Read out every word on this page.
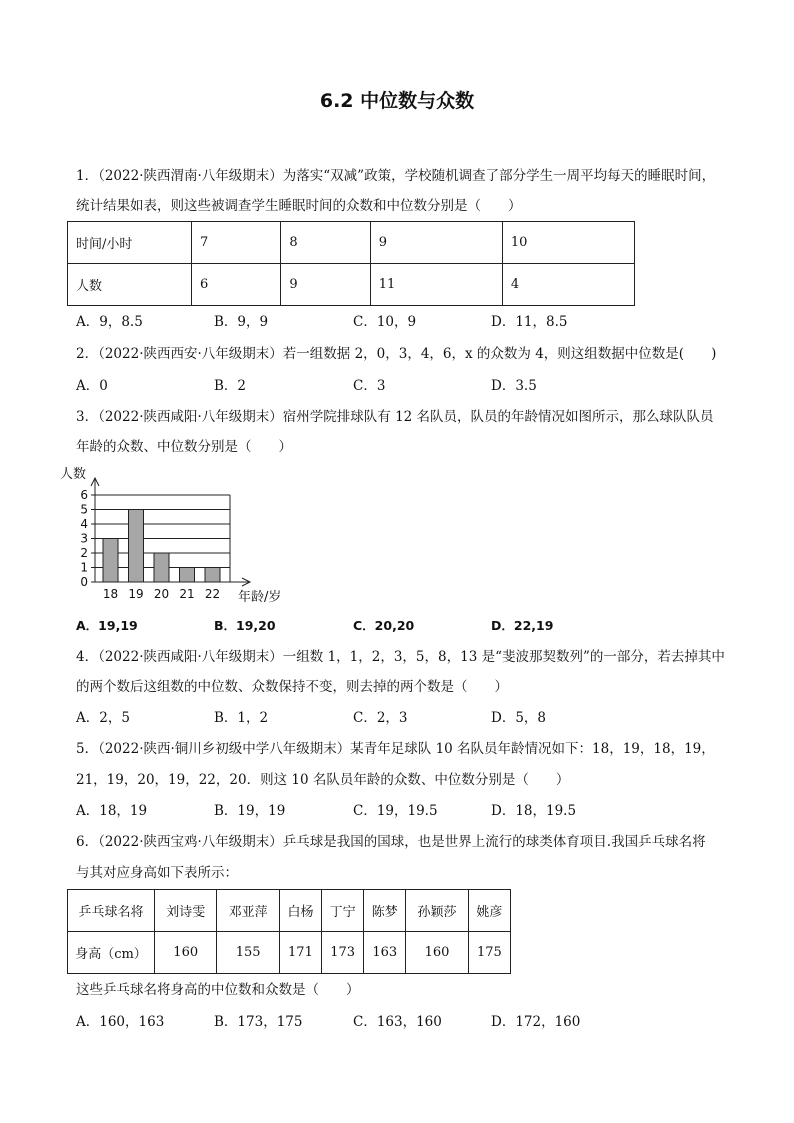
6.2 中位数与众数
1．（2022·陕西渭南·八年级期末）为落实“双减”政策，学校随机调查了部分学生一周平均每天的睡眠时间，
统计结果如表，则这些被调查学生睡眠时间的众数和中位数分别是（　　）
时间/小时	7	8	9	10
人数	6	9	11	4
A．9，8.5	B．9，9	C．10，9	D．11，8.5
2．（2022·陕西西安·八年级期末）若一组数据 2，0，3，4，6，x 的众数为 4，则这组数据中位数是(　　)
A．0	B．2	C．3	D．3.5
3．（2022·陕西咸阳·八年级期末）宿州学院排球队有 12 名队员，队员的年龄情况如图所示，那么球队队员
年龄的众数、中位数分别是（　　）
0
1
2
3
4
5
6
人数
年龄/岁
18 19 20 21 22
A．19,19	B．19,20	C．20,20	D．22,19
4．（2022·陕西咸阳·八年级期末）一组数 1，1，2，3，5，8，13 是“斐波那契数列”的一部分，若去掉其中
的两个数后这组数的中位数、众数保持不变，则去掉的两个数是（　　）
A．2，5	B．1，2	C．2，3	D．5，8
5．（2022·陕西·铜川乡初级中学八年级期末）某青年足球队 10 名队员年龄情况如下：18，19，18，19，
21，19，20，19，22，20．则这 10 名队员年龄的众数、中位数分别是（　　）
A．18，19	B．19，19	C．19，19.5	D．18，19.5
6．（2022·陕西宝鸡·八年级期末）乒乓球是我国的国球，也是世界上流行的球类体育项目.我国乒乓球名将
与其对应身高如下表所示：
乒乓球名将	刘诗雯	邓亚萍	白杨	丁宁	陈梦	孙颖莎	姚彦
身高（cm）	160	155	171	173	163	160	175
这些乒乓球名将身高的中位数和众数是（　　）
A．160，163	B．173，175	C．163，160	D．172，160
